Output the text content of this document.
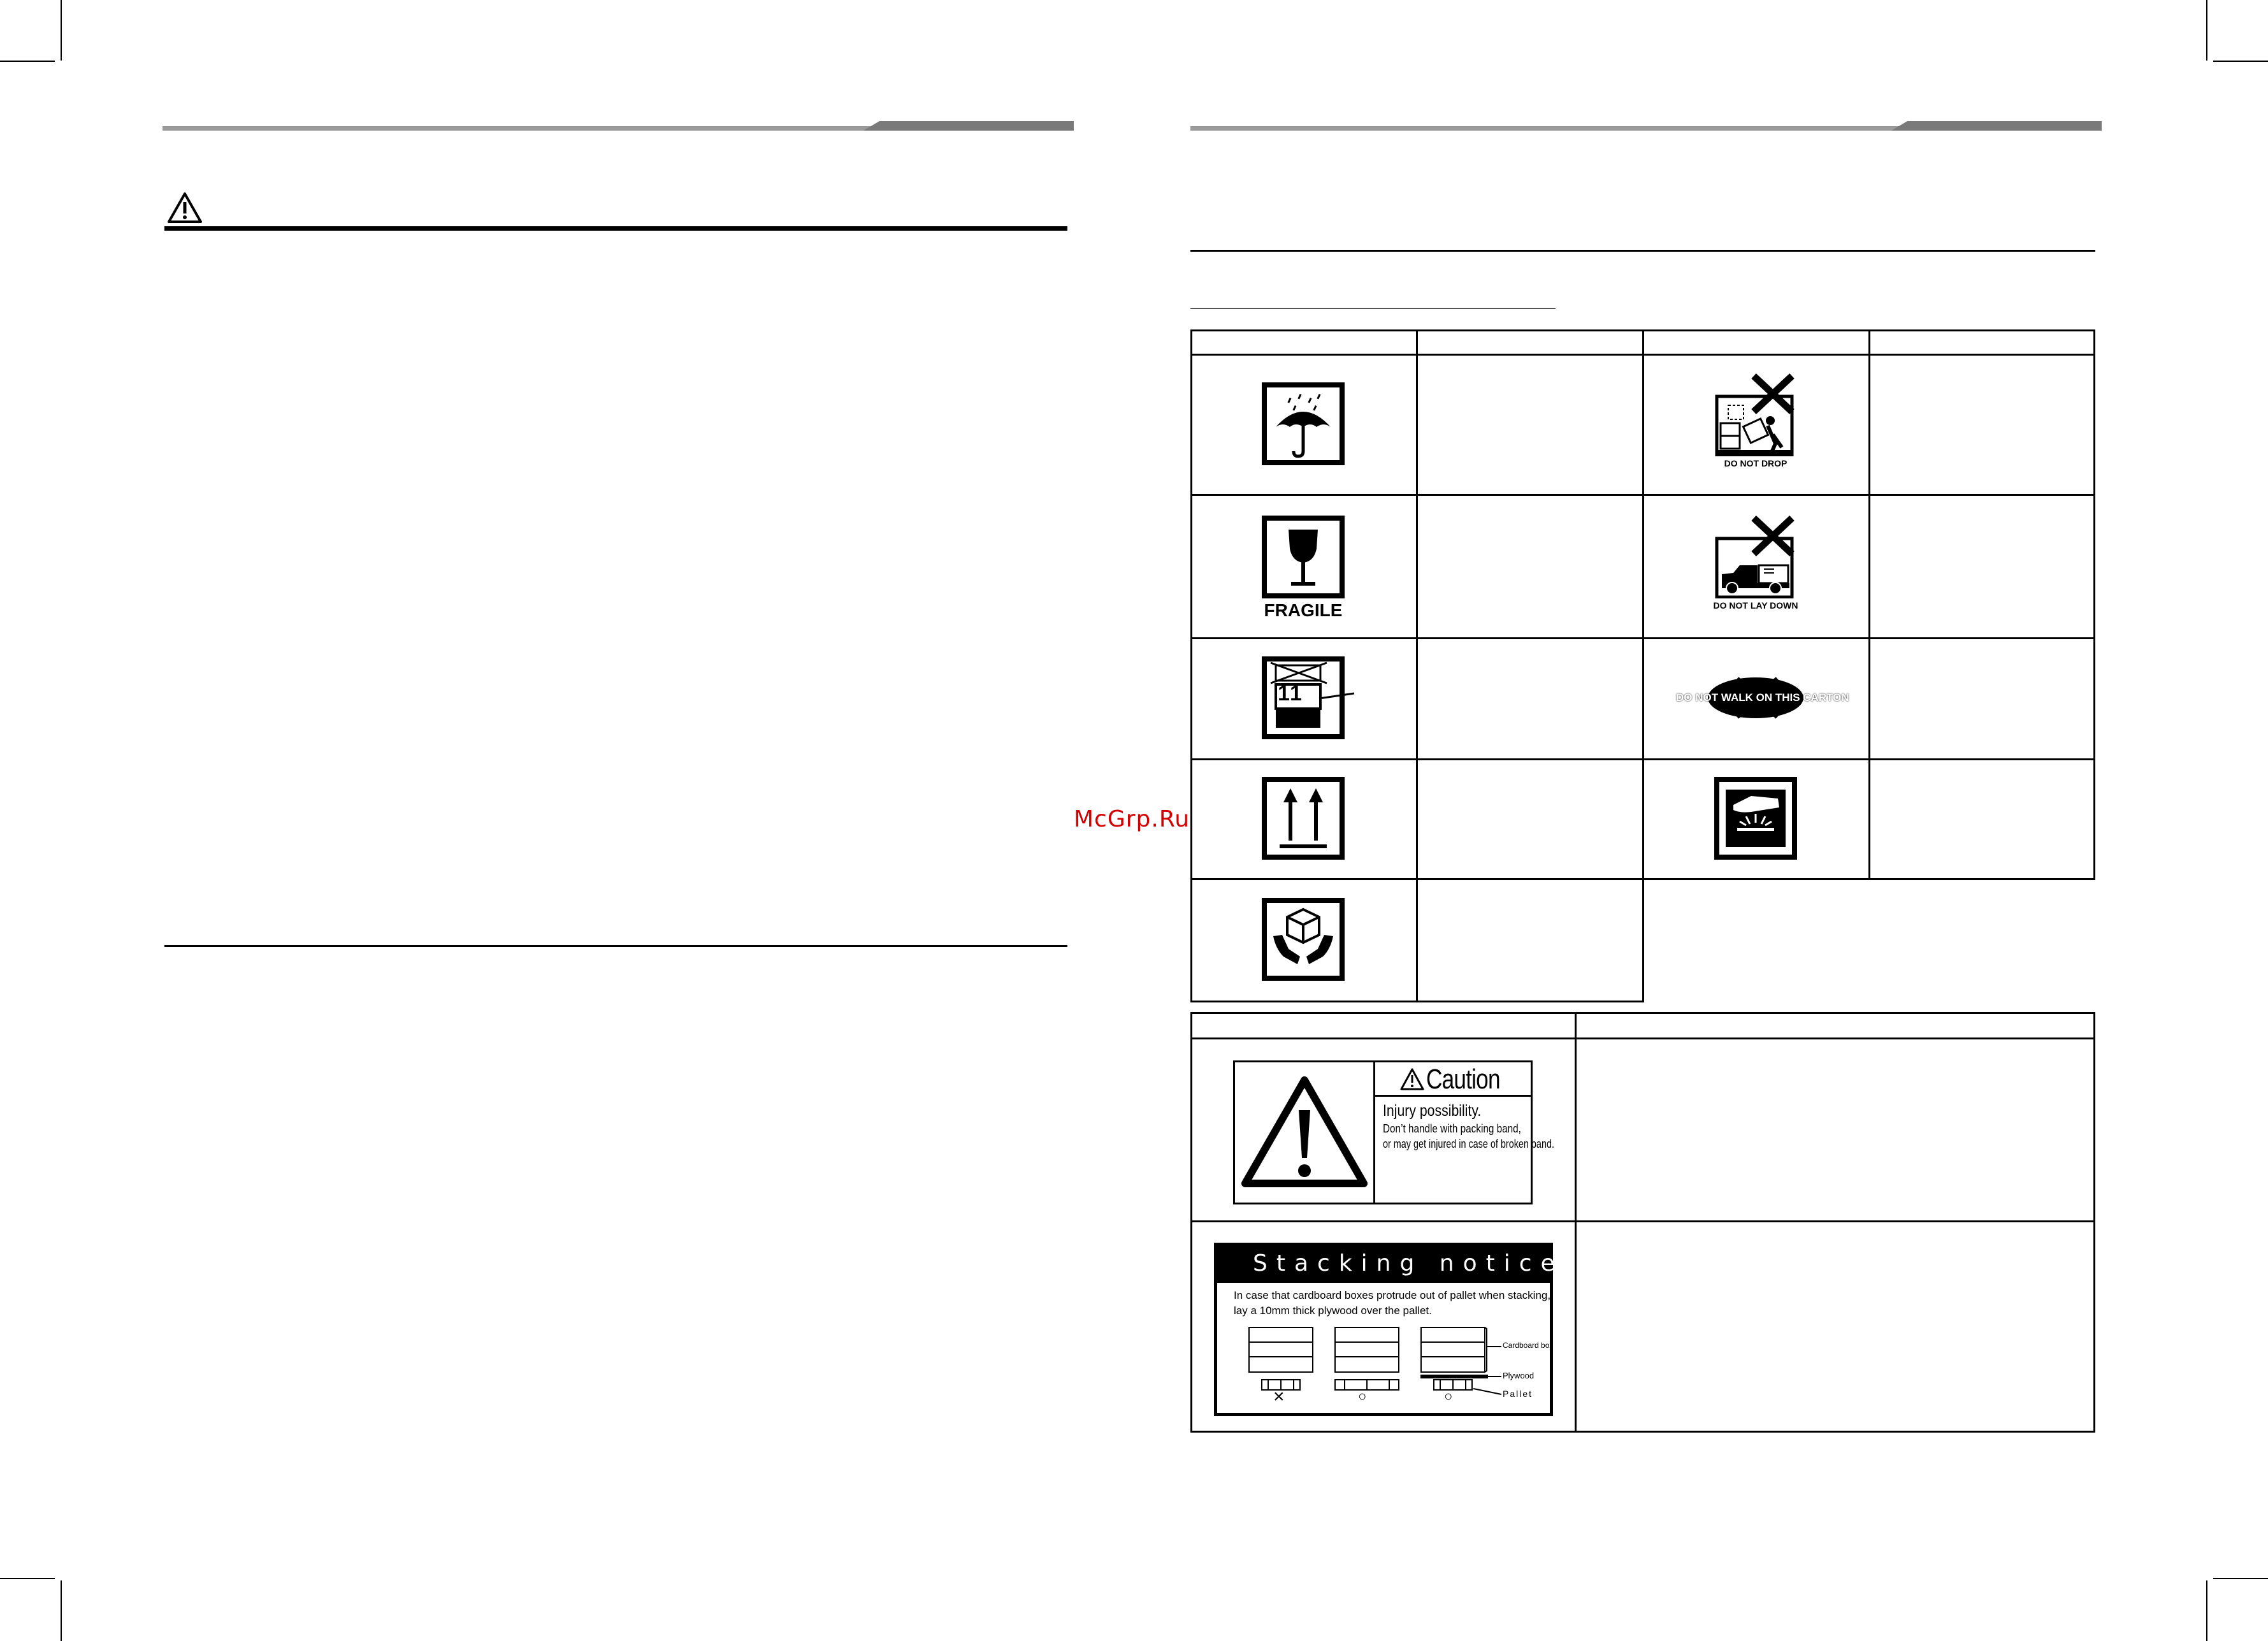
McGrp.Ru
DO NOT DROP
FRAGILE	DO NOT LAY DOWN
11	DO NOT WALK ON THIS CARTON
Caution
Injury possibility.
Don’t handle with packing band,
or may get injured in case of broken band.
Stacking notice.
In case that cardboard boxes protrude out of pallet when stacking,
lay a 10mm thick plywood over the pallet.
Cardboard box
Plywood
Pallet
×	○	○
